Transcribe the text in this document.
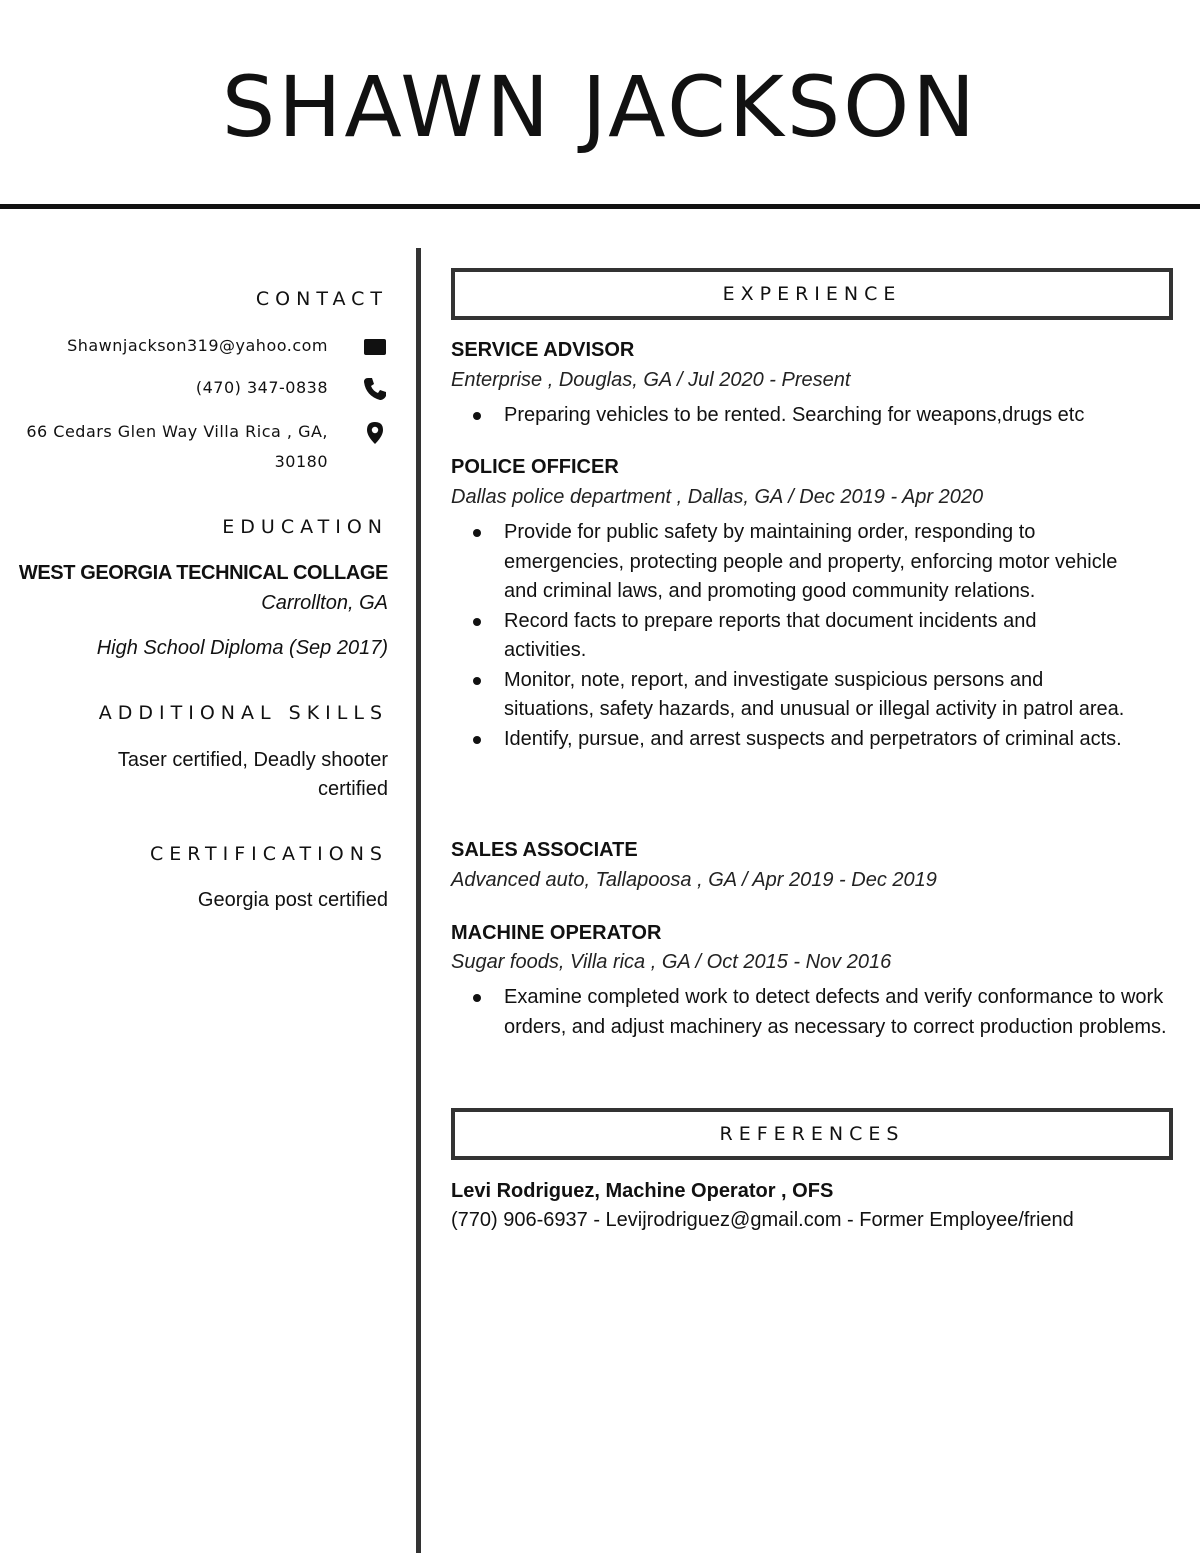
SHAWN JACKSON
CONTACT
Shawnjackson319@yahoo.com
(470) 347-0838
66 Cedars Glen Way Villa Rica , GA,
30180
EDUCATION
WEST GEORGIA TECHNICAL COLLAGE
Carrollton, GA
High School Diploma (Sep 2017)
ADDITIONAL SKILLS
Taser certified, Deadly shooter
certified
CERTIFICATIONS
Georgia post certified
EXPERIENCE
SERVICE ADVISOR
Enterprise , Douglas, GA / Jul 2020 - Present
Preparing vehicles to be rented. Searching for weapons,drugs etc
POLICE OFFICER
Dallas police department , Dallas, GA / Dec 2019 - Apr 2020
Provide for public safety by maintaining order, responding to emergencies, protecting people and property, enforcing motor vehicle and criminal laws, and promoting good community relations.
Record facts to prepare reports that document incidents and activities.
Monitor, note, report, and investigate suspicious persons and situations, safety hazards, and unusual or illegal activity in patrol area.
Identify, pursue, and arrest suspects and perpetrators of criminal acts.
SALES ASSOCIATE
Advanced auto, Tallapoosa , GA / Apr 2019 - Dec 2019
MACHINE OPERATOR
Sugar foods, Villa rica , GA / Oct 2015 - Nov 2016
Examine completed work to detect defects and verify conformance to work orders, and adjust machinery as necessary to correct production problems.
REFERENCES
Levi Rodriguez, Machine Operator , OFS
(770) 906-6937 - Levijrodriguez@gmail.com - Former Employee/friend
